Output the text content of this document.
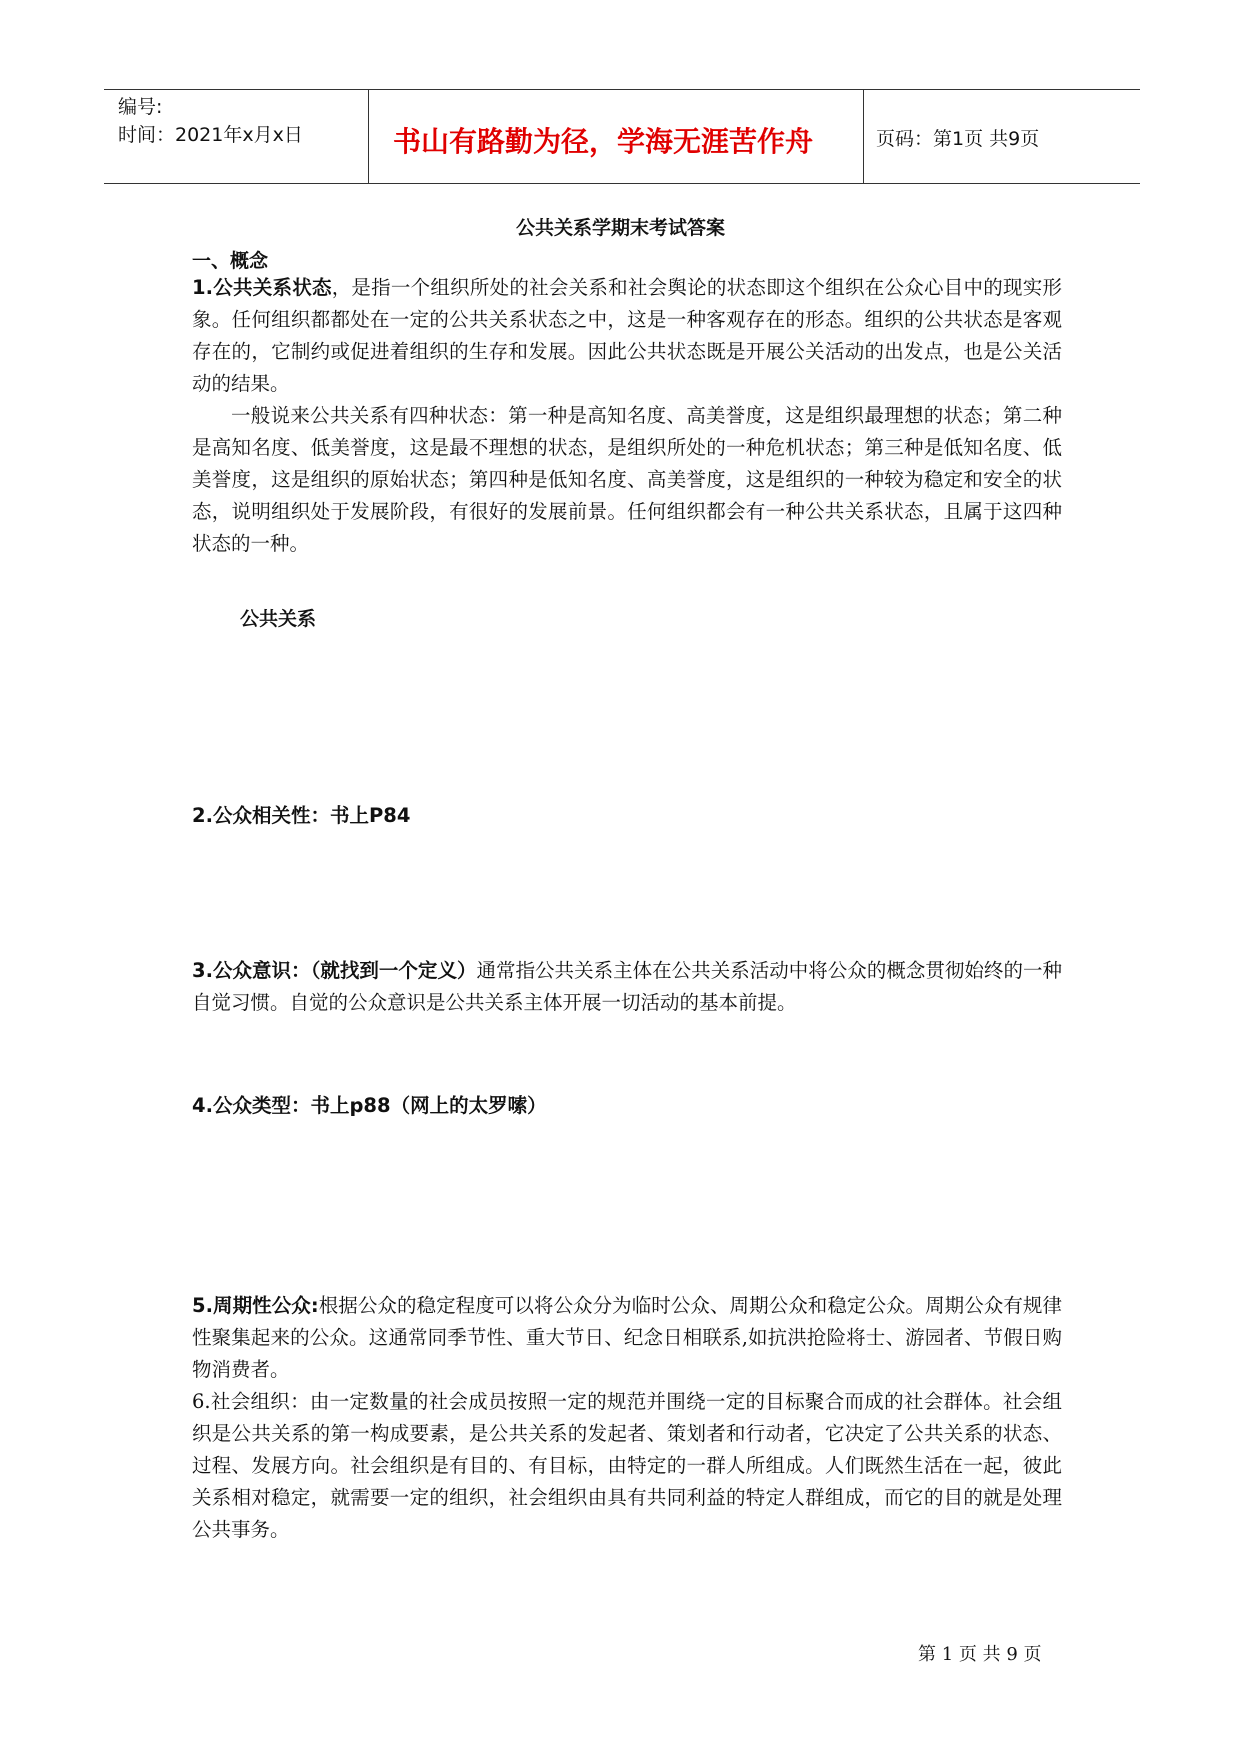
编号:
时间：2021年x月x日	书山有路勤为径，学海无涯苦作舟	页码：第1页 共9页
公共关系学期末考试答案
一、概念

1.公共关系状态，是指一个组织所处的社会关系和社会舆论的状态即这个组织在公众心目中的现实形象。任何组织都都处在一定的公共关系状态之中，这是一种客观存在的形态。组织的公共状态是客观存在的，它制约或促进着组织的生存和发展。因此公共状态既是开展公关活动的出发点，也是公关活动的结果。

一般说来公共关系有四种状态：第一种是高知名度、高美誉度，这是组织最理想的状态；第二种是高知名度、低美誉度，这是最不理想的状态，是组织所处的一种危机状态；第三种是低知名度、低美誉度，这是组织的原始状态；第四种是低知名度、高美誉度，这是组织的一种较为稳定和安全的状态，说明组织处于发展阶段，有很好的发展前景。任何组织都会有一种公共关系状态，且属于这四种状态的一种。

公共关系

2.公众相关性：书上P84

3.公众意识：（就找到一个定义）通常指公共关系主体在公共关系活动中将公众的概念贯彻始终的一种自觉习惯。自觉的公众意识是公共关系主体开展一切活动的基本前提。

4.公众类型：书上p88（网上的太罗嗦）

5.周期性公众:根据公众的稳定程度可以将公众分为临时公众、周期公众和稳定公众。周期公众有规律性聚集起来的公众。这通常同季节性、重大节日、纪念日相联系,如抗洪抢险将士、游园者、节假日购物消费者。

6.社会组织：由一定数量的社会成员按照一定的规范并围绕一定的目标聚合而成的社会群体。社会组织是公共关系的第一构成要素，是公共关系的发起者、策划者和行动者，它决定了公共关系的状态、过程、发展方向。社会组织是有目的、有目标，由特定的一群人所组成。人们既然生活在一起，彼此关系相对稳定，就需要一定的组织，社会组织由具有共同利益的特定人群组成，而它的目的就是处理公共事务。

第 1 页 共 9 页
